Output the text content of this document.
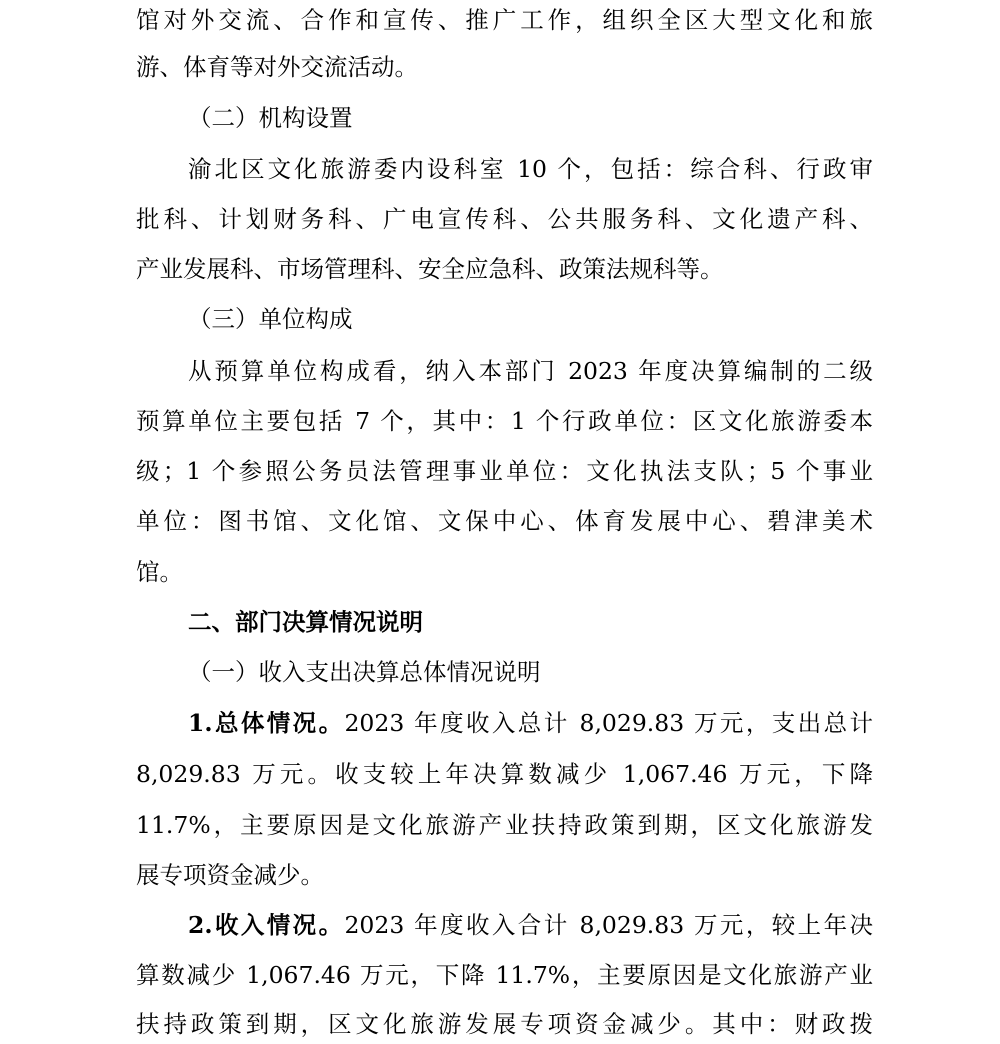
馆对外交流、合作和宣传、推广工作，组织全区大型文化和旅
游、体育等对外交流活动。
（二）机构设置
渝北区文化旅游委内设科室 10 个，包括：综合科、行政审
批科、计划财务科、广电宣传科、公共服务科、文化遗产科、
产业发展科、市场管理科、安全应急科、政策法规科等。
（三）单位构成
从预算单位构成看，纳入本部门 2023 年度决算编制的二级
预算单位主要包括 7 个，其中：1 个行政单位：区文化旅游委本
级；1 个参照公务员法管理事业单位：文化执法支队；5 个事业
单位：图书馆、文化馆、文保中心、体育发展中心、碧津美术
馆。
二、部门决算情况说明
（一）收入支出决算总体情况说明
1.总体情况。2023 年度收入总计 8,029.83 万元，支出总计
8,029.83 万元。收支较上年决算数减少 1,067.46 万元，下降
11.7%，主要原因是文化旅游产业扶持政策到期，区文化旅游发
展专项资金减少。
2.收入情况。2023 年度收入合计 8,029.83 万元，较上年决
算数减少 1,067.46 万元，下降 11.7%，主要原因是文化旅游产业
扶持政策到期，区文化旅游发展专项资金减少。其中：财政拨
